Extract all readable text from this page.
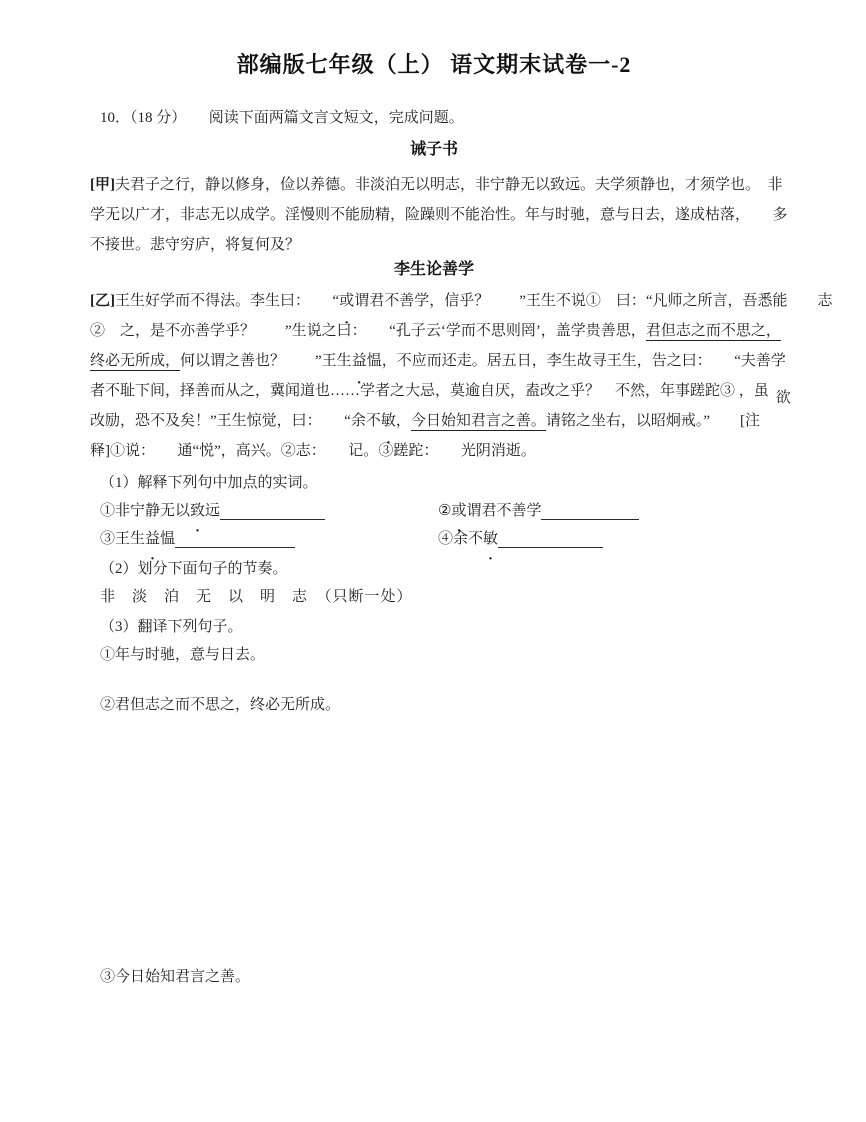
部编版七年级（上） 语文期末试卷一-2

10．（18 分）　　阅读下面两篇文言文短文，完成问题。

诫子书
[甲]夫君子之行，静以修身，俭以养德。非淡泊无以明志，非宁静无以致远。夫学须静也，才须学也。　非
学无以广才，非志无以成学。淫慢则不能励精，险躁则不能治性。年与时驰，意与日去，遂成枯落，　　多
不接世。悲守穷庐，将复何及？
李生论善学
[乙]王生好学而不得法。李生曰：　　“或谓君不善学，信乎？　　”王生不说①　曰：“凡师之所言，吾悉能　　志
②　之，是不亦善学乎？　　”生说之曰：　　“孔子云‘学而不思则罔’，盖学贵善思，君但志之而不思之，
终必无所成，何以谓之善也？　　”王生益愠，不应而还走。居五日，李生故寻王生，告之曰：　　“夫善学
者不耻下间，择善而从之，冀闻道也……学者之大忌，莫逾自厌，盍改之乎？　不然，年事蹉跎③ ，虽 欲
改励，恐不及矣！”王生惊觉，曰：　　“余不敏，今日始知君言之善。请铭之坐右，以昭炯戒。”　　[注
释]①说：　　通“悦”，高兴。②志：　　记。③蹉跎：　　光阴消逝。

（1）解释下列句中加点的实词。

①非宁静无以致远	②或谓君不善学
③王生益愠	④余不敏

（2）划分下面句子的节奏。

非　淡　泊　无　以　明　志　（只断一处）

（3）翻译下列句子。

①年与时驰，意与日去。

②君但志之而不思之，终必无所成。

③今日始知君言之善。
